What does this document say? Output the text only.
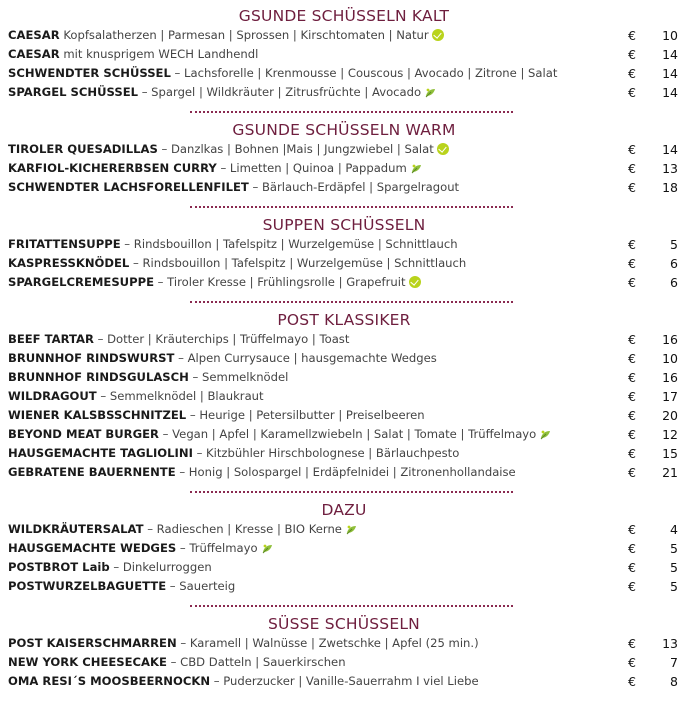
GSUNDE SCHÜSSELN KALT
CAESAR Kopfsalatherzen | Parmesan | Sprossen | Kirschtomaten | Natur	€ 10
CAESAR mit knusprigem WECH Landhendl	€ 14
SCHWENDTER SCHÜSSEL – Lachsforelle | Krenmousse | Couscous | Avocado | Zitrone | Salat	€ 14
SPARGEL SCHÜSSEL – Spargel | Wildkräuter | Zitrusfrüchte | Avocado	€ 14
GSUNDE SCHÜSSELN WARM
TIROLER QUESADILLAS – Danzlkas | Bohnen |Mais | Jungzwiebel | Salat	€ 14
KARFIOL-KICHERERBSEN CURRY – Limetten | Quinoa | Pappadum	€ 13
SCHWENDTER LACHSFORELLENFILET – Bärlauch-Erdäpfel | Spargelragout	€ 18
SUPPEN SCHÜSSELN
FRITATTENSUPPE – Rindsbouillon | Tafelspitz | Wurzelgemüse | Schnittlauch	€	5
KASPRESSKNÖDEL – Rindsbouillon | Tafelspitz | Wurzelgemüse | Schnittlauch	€	6
SPARGELCREMESUPPE – Tiroler Kresse | Frühlingsrolle | Grapefruit	€	6
POST KLASSIKER
BEEF TARTAR – Dotter | Kräuterchips | Trüffelmayo | Toast	€ 16
BRUNNHOF RINDSWURST – Alpen Currysauce | hausgemachte Wedges	€ 10
BRUNNHOF RINDSGULASCH – Semmelknödel	€ 16
WILDRAGOUT – Semmelknödel | Blaukraut	€ 17
WIENER KALSBSSCHNITZEL – Heurige | Petersilbutter | Preiselbeeren	€ 20
BEYOND MEAT BURGER – Vegan | Apfel | Karamellzwiebeln | Salat | Tomate | Trüffelmayo	€ 12
HAUSGEMACHTE TAGLIOLINI – Kitzbühler Hirschbolognese | Bärlauchpesto	€ 15
GEBRATENE BAUERNENTE – Honig | Solospargel | Erdäpfelnidei | Zitronenhollandaise	€ 21
DAZU
WILDKRÄUTERSALAT – Radieschen | Kresse | BIO Kerne	€	4
HAUSGEMACHTE WEDGES – Trüffelmayo	€	5
POSTBROT Laib – Dinkelurroggen	€	5
POSTWURZELBAGUETTE – Sauerteig	€	5
SÜSSE SCHÜSSELN
POST KAISERSCHMARREN – Karamell | Walnüsse | Zwetschke | Apfel (25 min.)	€ 13
NEW YORK CHEESECAKE – CBD Datteln | Sauerkirschen	€	7
OMA RESI´S MOOSBEERNOCKN – Puderzucker | Vanille-Sauerrahm I viel Liebe	€	8
